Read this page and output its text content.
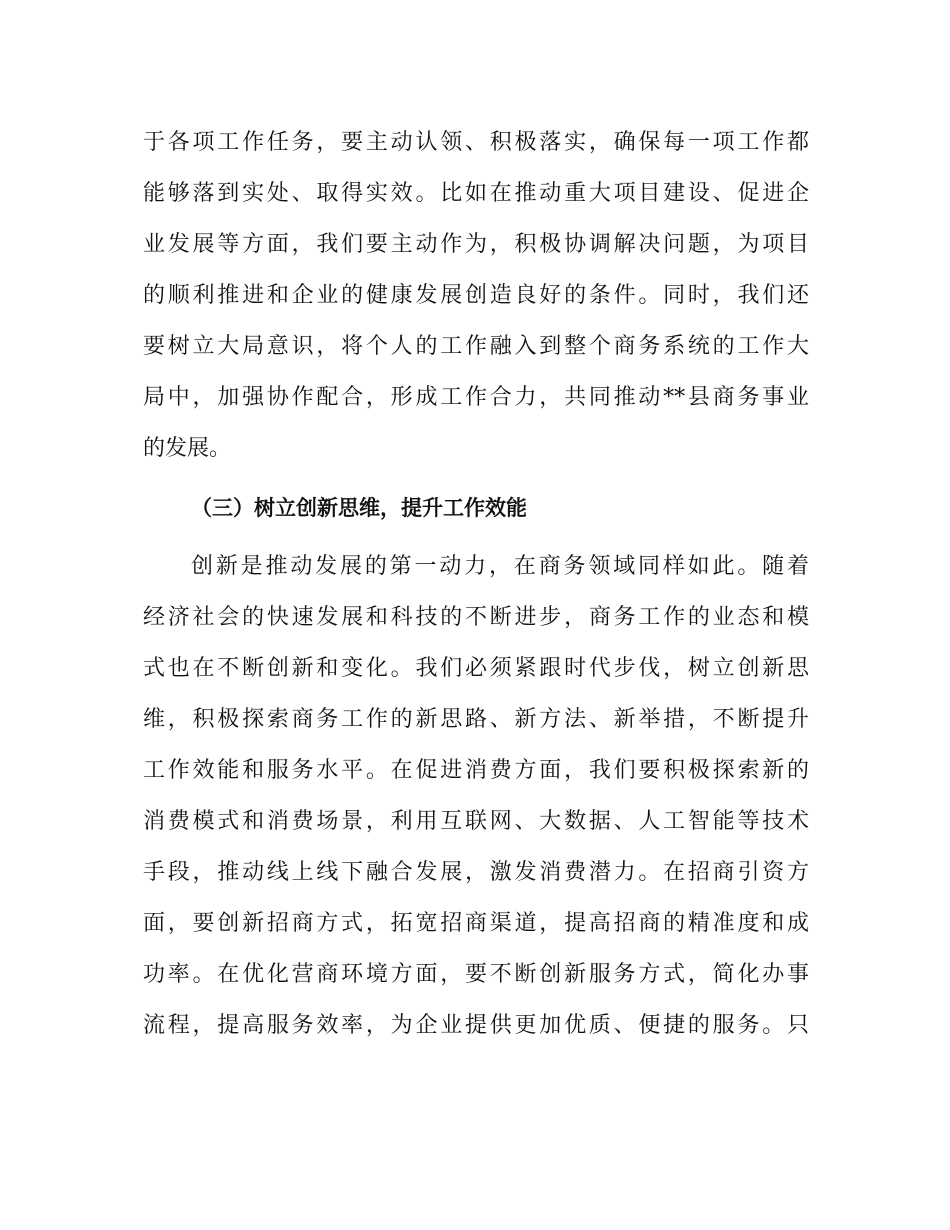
于各项工作任务，要主动认领、积极落实，确保每一项工作都
能够落到实处、取得实效。比如在推动重大项目建设、促进企
业发展等方面，我们要主动作为，积极协调解决问题，为项目
的顺利推进和企业的健康发展创造良好的条件。同时，我们还
要树立大局意识，将个人的工作融入到整个商务系统的工作大
局中，加强协作配合，形成工作合力，共同推动**县商务事业
的发展。
（三）树立创新思维，提升工作效能
创新是推动发展的第一动力，在商务领域同样如此。随着
经济社会的快速发展和科技的不断进步，商务工作的业态和模
式也在不断创新和变化。我们必须紧跟时代步伐，树立创新思
维，积极探索商务工作的新思路、新方法、新举措，不断提升
工作效能和服务水平。在促进消费方面，我们要积极探索新的
消费模式和消费场景，利用互联网、大数据、人工智能等技术
手段，推动线上线下融合发展，激发消费潜力。在招商引资方
面，要创新招商方式，拓宽招商渠道，提高招商的精准度和成
功率。在优化营商环境方面，要不断创新服务方式，简化办事
流程，提高服务效率，为企业提供更加优质、便捷的服务。只
